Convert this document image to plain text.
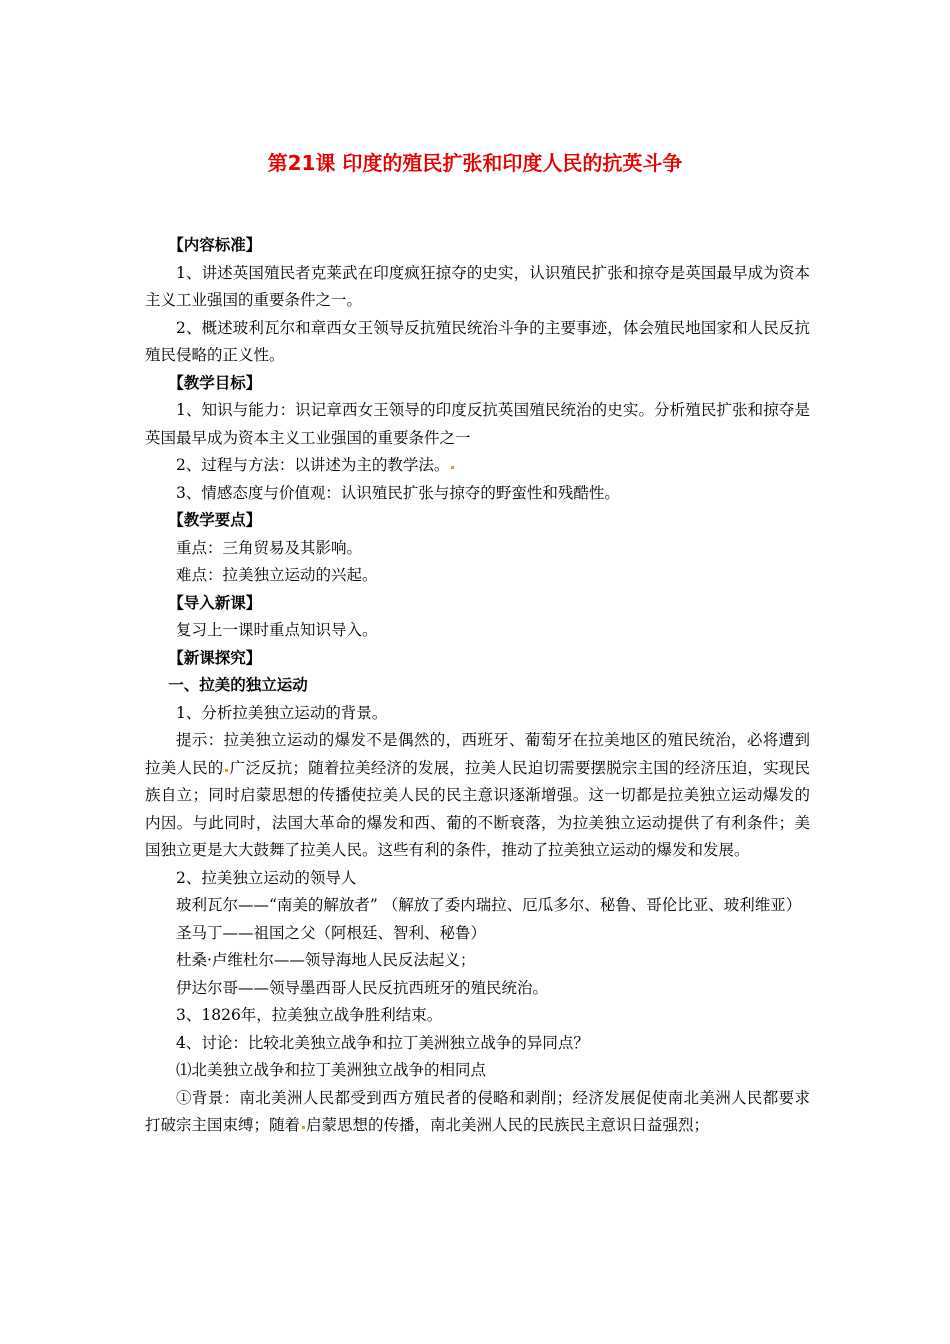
第21课 印度的殖民扩张和印度人民的抗英斗争

【内容标准】

1、讲述英国殖民者克莱武在印度疯狂掠夺的史实，认识殖民扩张和掠夺是英国最早成为资本主义工业强国的重要条件之一。

2、概述玻利瓦尔和章西女王领导反抗殖民统治斗争的主要事迹，体会殖民地国家和人民反抗殖民侵略的正义性。

【教学目标】

1、知识与能力：识记章西女王领导的印度反抗英国殖民统治的史实。分析殖民扩张和掠夺是英国最早成为资本主义工业强国的重要条件之一

2、过程与方法：以讲述为主的教学法。

3、情感态度与价值观：认识殖民扩张与掠夺的野蛮性和残酷性。

【教学要点】

重点：三角贸易及其影响。

难点：拉美独立运动的兴起。

【导入新课】

复习上一课时重点知识导入。

【新课探究】

一、拉美的独立运动

1、分析拉美独立运动的背景。

提示：拉美独立运动的爆发不是偶然的，西班牙、葡萄牙在拉美地区的殖民统治，必将遭到拉美人民的 广泛反抗；随着拉美经济的发展，拉美人民迫切需要摆脱宗主国的经济压迫，实现民族自立；同时启蒙思想的传播使拉美人民的民主意识逐渐增强。这一切都是拉美独立运动爆发的内因。与此同时，法国大革命的爆发和西、葡的不断衰落，为拉美独立运动提供了有利条件；美国独立更是大大鼓舞了拉美人民。这些有利的条件，推动了拉美独立运动的爆发和发展。

2、拉美独立运动的领导人

玻利瓦尔——“南美的解放者” （解放了委内瑞拉、厄瓜多尔、秘鲁、哥伦比亚、玻利维亚）

圣马丁——祖国之父（阿根廷、智利、秘鲁）

杜桑·卢维杜尔——领导海地人民反法起义；

伊达尔哥——领导墨西哥人民反抗西班牙的殖民统治。

3、1826年，拉美独立战争胜利结束。

4、讨论：比较北美独立战争和拉丁美洲独立战争的异同点？

⑴北美独立战争和拉丁美洲独立战争的相同点

①背景：南北美洲人民都受到西方殖民者的侵略和剥削；经济发展促使南北美洲人民都要求打破宗主国束缚；随着 启蒙思想的传播，南北美洲人民的民族民主意识日益强烈；
